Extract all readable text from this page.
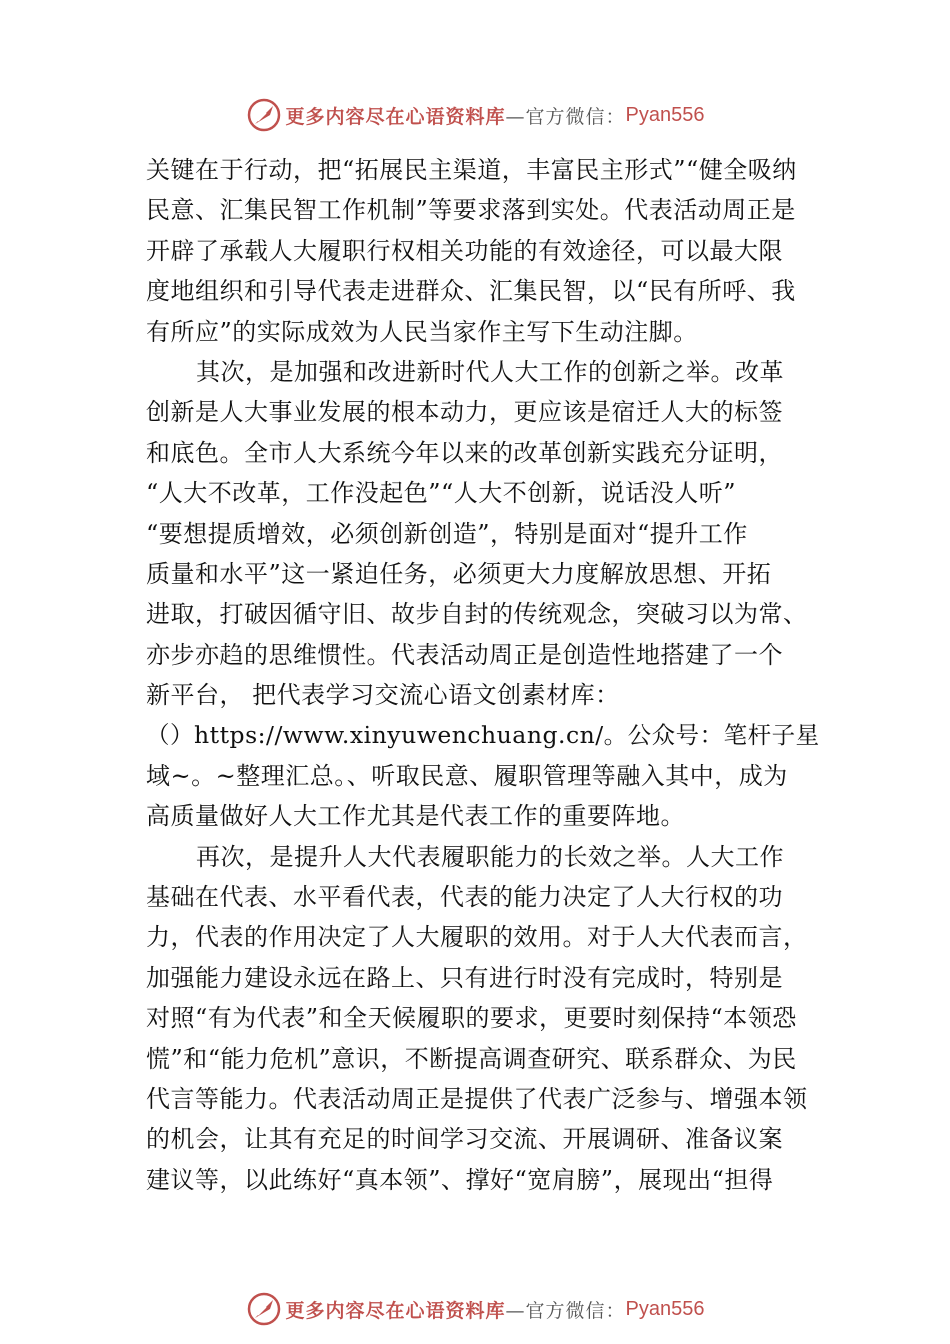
更多内容尽在心语资料库 —官方微信： Pyan556
关键在于行动，把“拓展民主渠道，丰富民主形式”“健全吸纳
民意、汇集民智工作机制”等要求落到实处。代表活动周正是
开辟了承载人大履职行权相关功能的有效途径，可以最大限
度地组织和引导代表走进群众、汇集民智，以“民有所呼、我
有所应”的实际成效为人民当家作主写下生动注脚。
其次，是加强和改进新时代人大工作的创新之举。改革
创新是人大事业发展的根本动力，更应该是宿迁人大的标签
和底色。全市人大系统今年以来的改革创新实践充分证明，
“人大不改革，工作没起色”“人大不创新，说话没人听”
“要想提质增效，必须创新创造”，特别是面对“提升工作
质量和水平”这一紧迫任务，必须更大力度解放思想、开拓
进取，打破因循守旧、故步自封的传统观念，突破习以为常、
亦步亦趋的思维惯性。代表活动周正是创造性地搭建了一个
新平台， 把代表学习交流心语文创素材库：
（）https://www.xinyuwenchuang.cn/。公众号：笔杆子星
域~。~整理汇总。、听取民意、履职管理等融入其中，成为
高质量做好人大工作尤其是代表工作的重要阵地。
再次，是提升人大代表履职能力的长效之举。人大工作
基础在代表、水平看代表，代表的能力决定了人大行权的功
力，代表的作用决定了人大履职的效用。对于人大代表而言，
加强能力建设永远在路上、只有进行时没有完成时，特别是
对照“有为代表”和全天候履职的要求，更要时刻保持“本领恐
慌”和“能力危机”意识，不断提高调查研究、联系群众、为民
代言等能力。代表活动周正是提供了代表广泛参与、增强本领
的机会，让其有充足的时间学习交流、开展调研、准备议案
建议等，以此练好“真本领”、撑好“宽肩膀”，展现出“担得
更多内容尽在心语资料库 —官方微信： Pyan556
